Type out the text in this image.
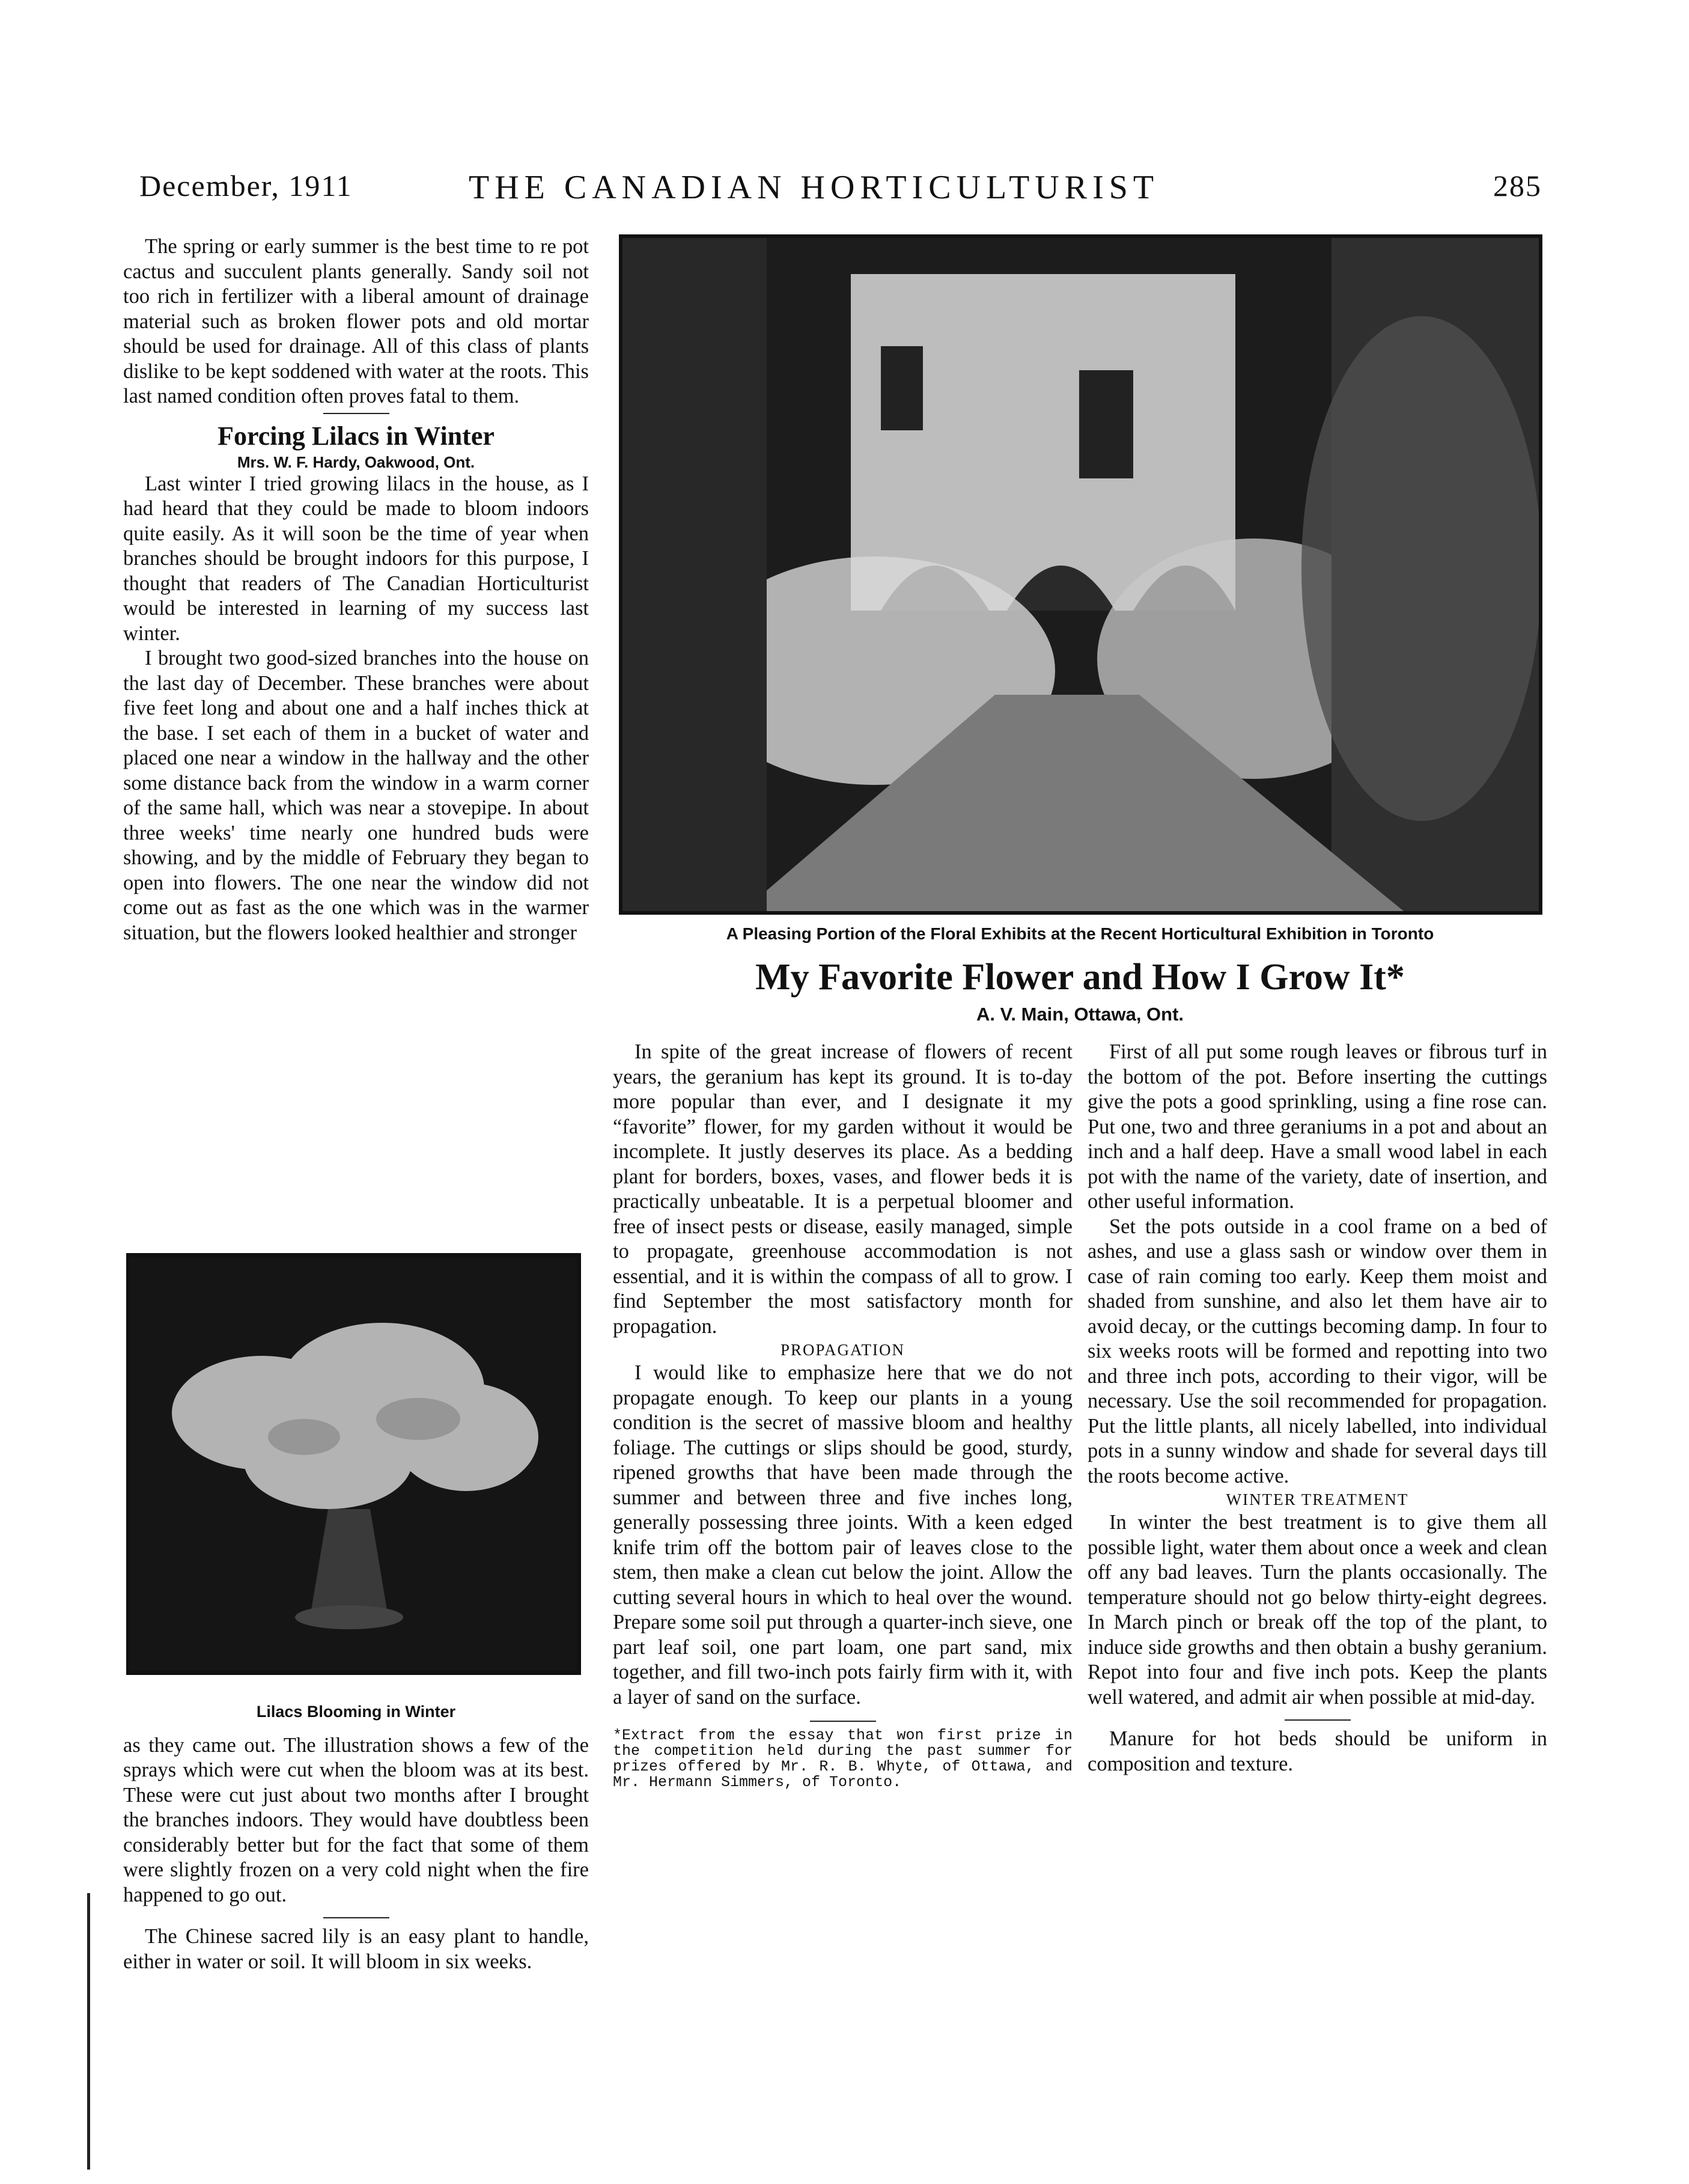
December, 1911	THE CANADIAN HORTICULTURIST	285

The spring or early summer is the best time to re pot cactus and succulent plants generally. Sandy soil not too rich in fertilizer with a liberal amount of drainage material such as broken flower pots and old mortar should be used for drainage. All of this class of plants dislike to be kept soddened with water at the roots. This last named condition often proves fatal to them.

Forcing Lilacs in Winter
Mrs. W. F. Hardy, Oakwood, Ont.

Last winter I tried growing lilacs in the house, as I had heard that they could be made to bloom indoors quite easily. As it will soon be the time of year when branches should be brought indoors for this purpose, I thought that readers of The Canadian Horticulturist would be interested in learning of my success last winter.

I brought two good-sized branches into the house on the last day of December. These branches were about five feet long and about one and a half inches thick at the base. I set each of them in a bucket of water and placed one near a window in the hallway and the other some distance back from the window in a warm corner of the same hall, which was near a stovepipe. In about three weeks' time nearly one hundred buds were showing, and by the middle of February they began to open into flowers. The one near the window did not come out as fast as the one which was in the warmer situation, but the flowers looked healthier and stronger

Lilacs Blooming in Winter

as they came out. The illustration shows a few of the sprays which were cut when the bloom was at its best. These were cut just about two months after I brought the branches indoors. They would have doubtless been considerably better but for the fact that some of them were slightly frozen on a very cold night when the fire happened to go out.

The Chinese sacred lily is an easy plant to handle, either in water or soil. It will bloom in six weeks.

A Pleasing Portion of the Floral Exhibits at the Recent Horticultural Exhibition in Toronto
My Favorite Flower and How I Grow It*
A. V. Main, Ottawa, Ont.

In spite of the great increase of flowers of recent years, the geranium has kept its ground. It is to-day more popular than ever, and I designate it my “favorite” flower, for my garden without it would be incomplete. It justly deserves its place. As a bedding plant for borders, boxes, vases, and flower beds it is practically unbeatable. It is a perpetual bloomer and free of insect pests or disease, easily managed, simple to propagate, greenhouse accommodation is not essential, and it is within the compass of all to grow. I find September the most satisfactory month for propagation.

PROPAGATION

I would like to emphasize here that we do not propagate enough. To keep our plants in a young condition is the secret of massive bloom and healthy foliage. The cuttings or slips should be good, sturdy, ripened growths that have been made through the summer and between three and five inches long, generally possessing three joints. With a keen edged knife trim off the bottom pair of leaves close to the stem, then make a clean cut below the joint. Allow the cutting several hours in which to heal over the wound. Prepare some soil put through a quarter-inch sieve, one part leaf soil, one part loam, one part sand, mix together, and fill two-inch pots fairly firm with it, with a layer of sand on the surface.

*Extract from the essay that won first prize in the competition held during the past summer for prizes offered by Mr. R. B. Whyte, of Ottawa, and Mr. Hermann Simmers, of Toronto.

First of all put some rough leaves or fibrous turf in the bottom of the pot. Before inserting the cuttings give the pots a good sprinkling, using a fine rose can. Put one, two and three geraniums in a pot and about an inch and a half deep. Have a small wood label in each pot with the name of the variety, date of insertion, and other useful information.

Set the pots outside in a cool frame on a bed of ashes, and use a glass sash or window over them in case of rain coming too early. Keep them moist and shaded from sunshine, and also let them have air to avoid decay, or the cuttings becoming damp. In four to six weeks roots will be formed and repotting into two and three inch pots, according to their vigor, will be necessary. Use the soil recommended for propagation. Put the little plants, all nicely labelled, into individual pots in a sunny window and shade for several days till the roots become active.

WINTER TREATMENT

In winter the best treatment is to give them all possible light, water them about once a week and clean off any bad leaves. Turn the plants occasionally. The temperature should not go below thirty-eight degrees. In March pinch or break off the top of the plant, to induce side growths and then obtain a bushy geranium. Repot into four and five inch pots. Keep the plants well watered, and admit air when possible at mid-day.

Manure for hot beds should be uniform in composition and texture.
